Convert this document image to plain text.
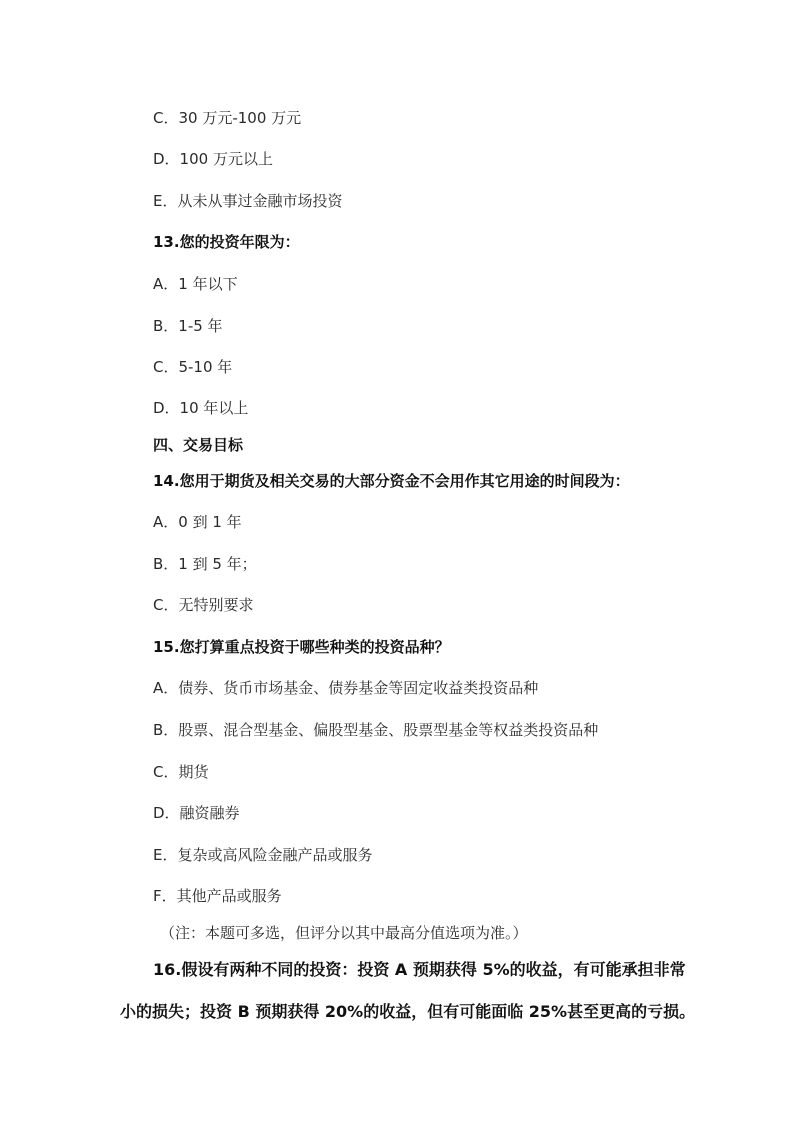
C．30 万元-100 万元
D．100 万元以上
E．从未从事过金融市场投资
13.您的投资年限为：
A．1 年以下
B．1-5 年
C．5-10 年
D．10 年以上
四、交易目标
14.您用于期货及相关交易的大部分资金不会用作其它用途的时间段为：
A．0 到 1 年
B．1 到 5 年；
C．无特别要求
15.您打算重点投资于哪些种类的投资品种？
A．债券、货币市场基金、债券基金等固定收益类投资品种
B．股票、混合型基金、偏股型基金、股票型基金等权益类投资品种
C．期货
D．融资融券
E．复杂或高风险金融产品或服务
F．其他产品或服务
（注：本题可多选，但评分以其中最高分值选项为准。）
16.假设有两种不同的投资：投资 A 预期获得 5%的收益，有可能承担非常
小的损失；投资 B 预期获得 20%的收益，但有可能面临 25%甚至更高的亏损。
